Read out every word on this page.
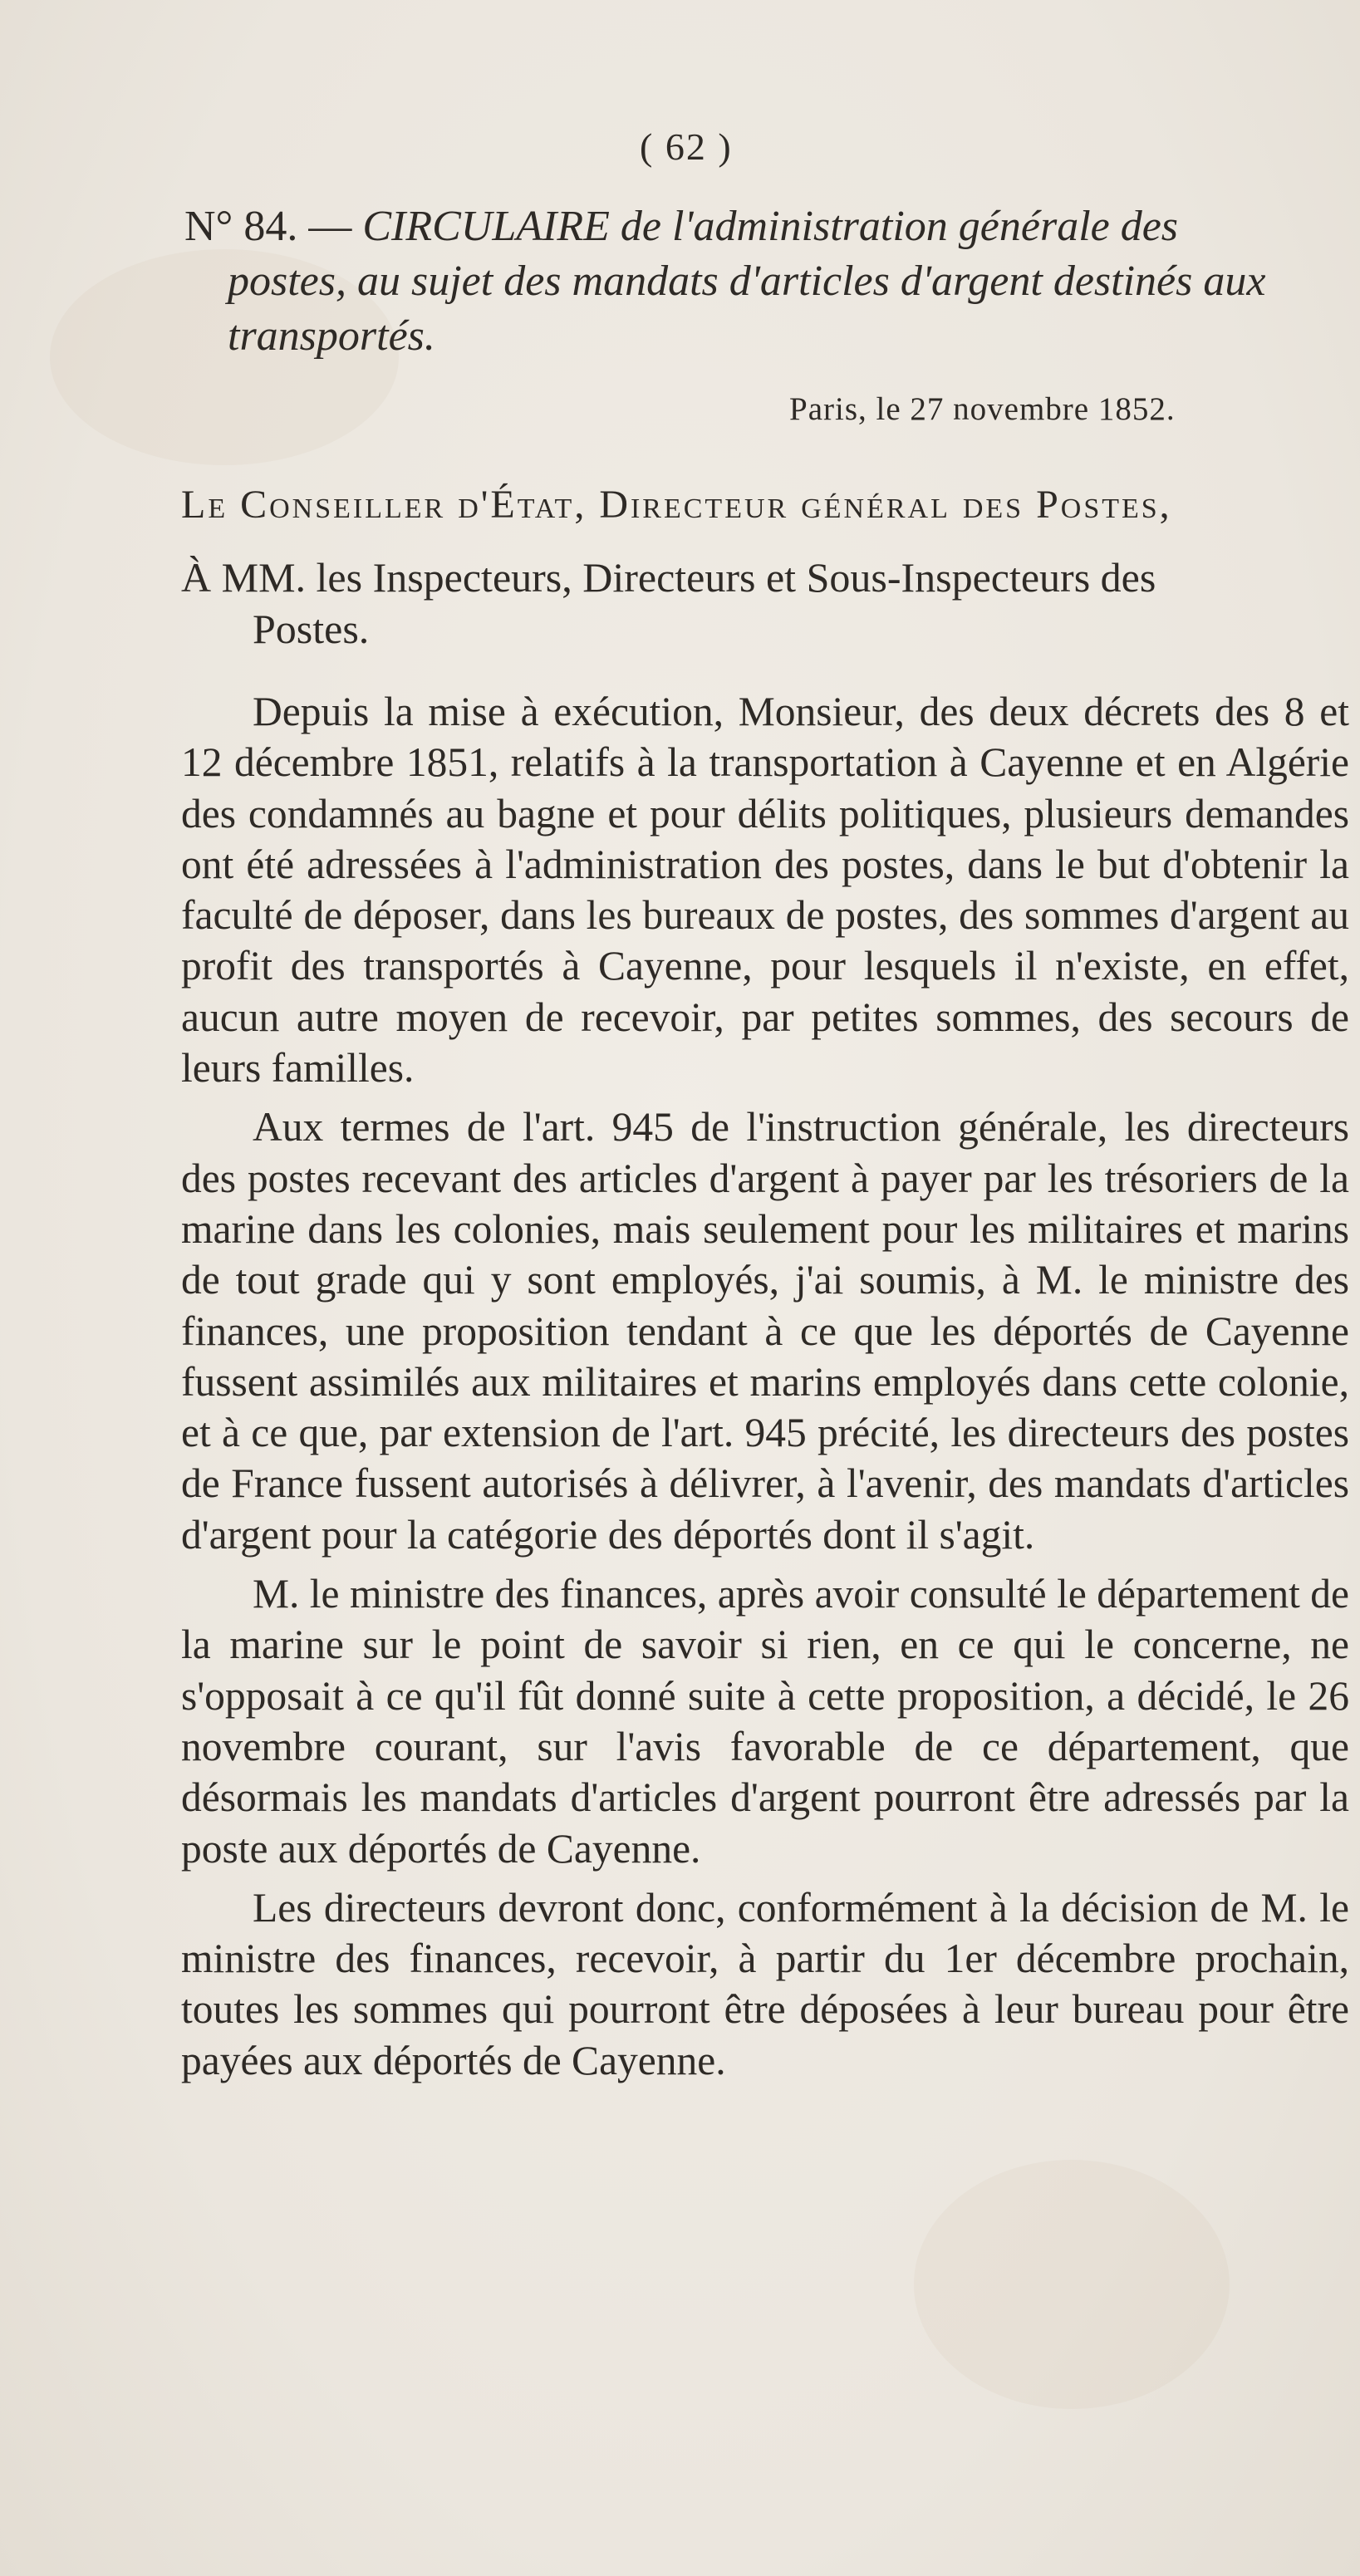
( 62 )
N° 84. — CIRCULAIRE de l'administration générale des
postes, au sujet des mandats d'articles d'argent destinés aux
transportés.
Paris, le 27 novembre 1852.
Le Conseiller d'État, Directeur général des Postes,
À MM. les Inspecteurs, Directeurs et Sous-Inspecteurs des
Postes.

Depuis la mise à exécution, Monsieur, des deux décrets des 8 et 12 décembre 1851, relatifs à la transportation à Cayenne et en Algérie des condamnés au bagne et pour délits politiques, plusieurs demandes ont été adressées à l'administration des postes, dans le but d'obtenir la faculté de déposer, dans les bureaux de postes, des sommes d'argent au profit des transportés à Cayenne, pour lesquels il n'existe, en effet, aucun autre moyen de recevoir, par petites sommes, des secours de leurs familles.

Aux termes de l'art. 945 de l'instruction générale, les directeurs des postes recevant des articles d'argent à payer par les trésoriers de la marine dans les colonies, mais seulement pour les militaires et marins de tout grade qui y sont employés, j'ai soumis, à M. le ministre des finances, une proposition tendant à ce que les déportés de Cayenne fussent assimilés aux militaires et marins employés dans cette colonie, et à ce que, par extension de l'art. 945 précité, les directeurs des postes de France fussent autorisés à délivrer, à l'avenir, des mandats d'articles d'argent pour la catégorie des déportés dont il s'agit.

M. le ministre des finances, après avoir consulté le département de la marine sur le point de savoir si rien, en ce qui le concerne, ne s'opposait à ce qu'il fût donné suite à cette proposition, a décidé, le 26 novembre courant, sur l'avis favorable de ce département, que désormais les mandats d'articles d'argent pourront être adressés par la poste aux déportés de Cayenne.

Les directeurs devront donc, conformément à la décision de M. le ministre des finances, recevoir, à partir du 1er décembre prochain, toutes les sommes qui pourront être déposées à leur bureau pour être payées aux déportés de Cayenne.
